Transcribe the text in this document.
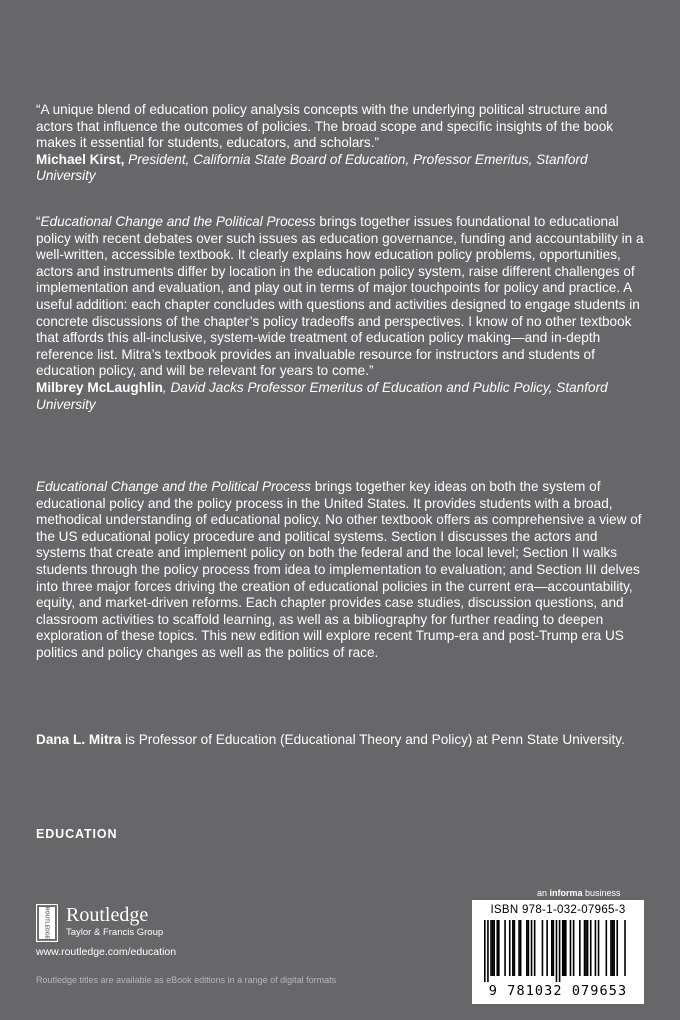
“A unique blend of education policy analysis concepts with the underlying political structure and actors that influence the outcomes of policies. The broad scope and specific insights of the book makes it essential for students, educators, and scholars.”

Michael Kirst, President, California State Board of Education, Professor Emeritus, Stanford University

“Educational Change and the Political Process brings together issues foundational to educational policy with recent debates over such issues as education governance, funding and accountability in a well-written, accessible textbook. It clearly explains how education policy problems, opportunities, actors and instruments differ by location in the education policy system, raise different challenges of implementation and evaluation, and play out in terms of major touchpoints for policy and practice. A useful addition: each chapter concludes with questions and activities designed to engage students in concrete discussions of the chapter’s policy tradeoffs and perspectives. I know of no other textbook that affords this all-inclusive, system-wide treatment of education policy making—and in-depth reference list. Mitra’s textbook provides an invaluable resource for instructors and students of education policy, and will be relevant for years to come.”

Milbrey McLaughlin, David Jacks Professor Emeritus of Education and Public Policy, Stanford University

Educational Change and the Political Process brings together key ideas on both the system of educational policy and the policy process in the United States. It provides students with a broad, methodical understanding of educational policy. No other textbook offers as comprehensive a view of the US educational policy procedure and political systems. Section I discusses the actors and systems that create and implement policy on both the federal and the local level; Section II walks students through the policy process from idea to implementation to evaluation; and Section III delves into three major forces driving the creation of educational policies in the current era—accountability, equity, and market-driven reforms. Each chapter provides case studies, discussion questions, and classroom activities to scaffold learning, as well as a bibliography for further reading to deepen exploration of these topics. This new edition will explore recent Trump-era and post-Trump era US politics and policy changes as well as the politics of race.

Dana L. Mitra is Professor of Education (Educational Theory and Policy) at Penn State University.

EDUCATION
an informa business
ROUTLEDGE Routledge
Taylor & Francis Group
www.routledge.com/education
Routledge titles are available as eBook editions in a range of digital formats
ISBN 978-1-032-07965-3
9 781032 079653
